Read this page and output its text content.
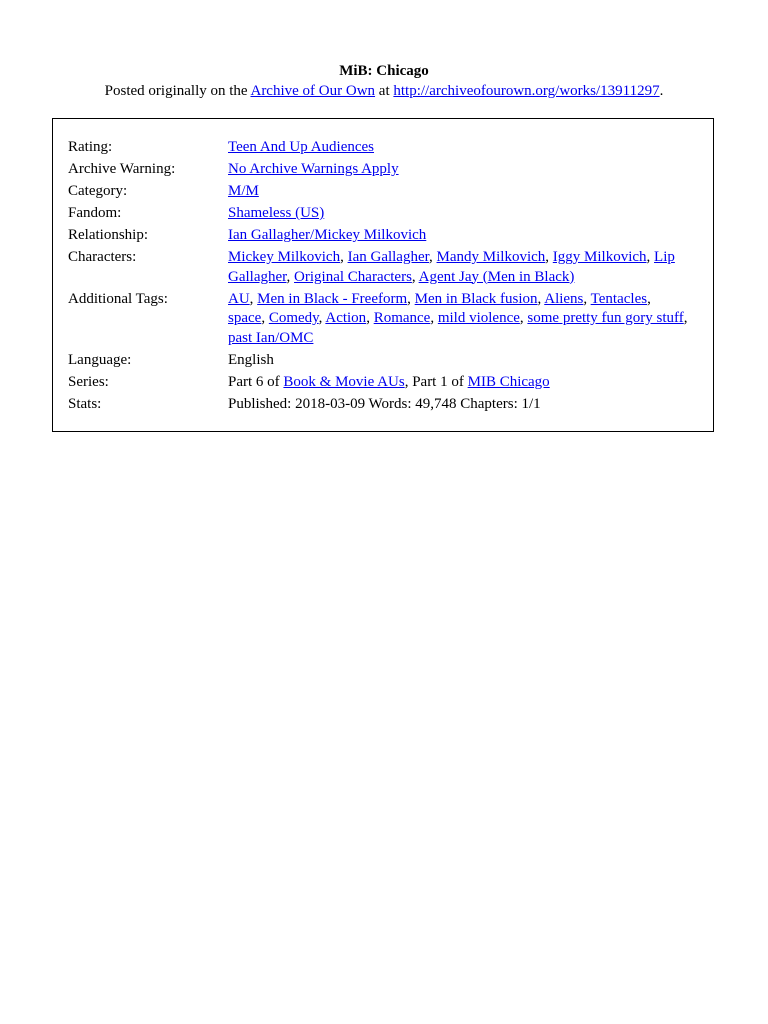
MiB: Chicago
Posted originally on the Archive of Our Own at http://archiveofourown.org/works/13911297.
Rating:	Teen And Up Audiences
Archive Warning:	No Archive Warnings Apply
Category:	M/M
Fandom:	Shameless (US)
Relationship:	Ian Gallagher/Mickey Milkovich
Characters:	Mickey Milkovich, Ian Gallagher, Mandy Milkovich, Iggy Milkovich, Lip Gallagher, Original Characters, Agent Jay (Men in Black)
Additional Tags:	AU, Men in Black - Freeform, Men in Black fusion, Aliens, Tentacles, space, Comedy, Action, Romance, mild violence, some pretty fun gory stuff, past Ian/OMC
Language:	English
Series:	Part 6 of Book & Movie AUs, Part 1 of MIB Chicago
Stats:	Published: 2018-03-09 Words: 49,748 Chapters: 1/1
